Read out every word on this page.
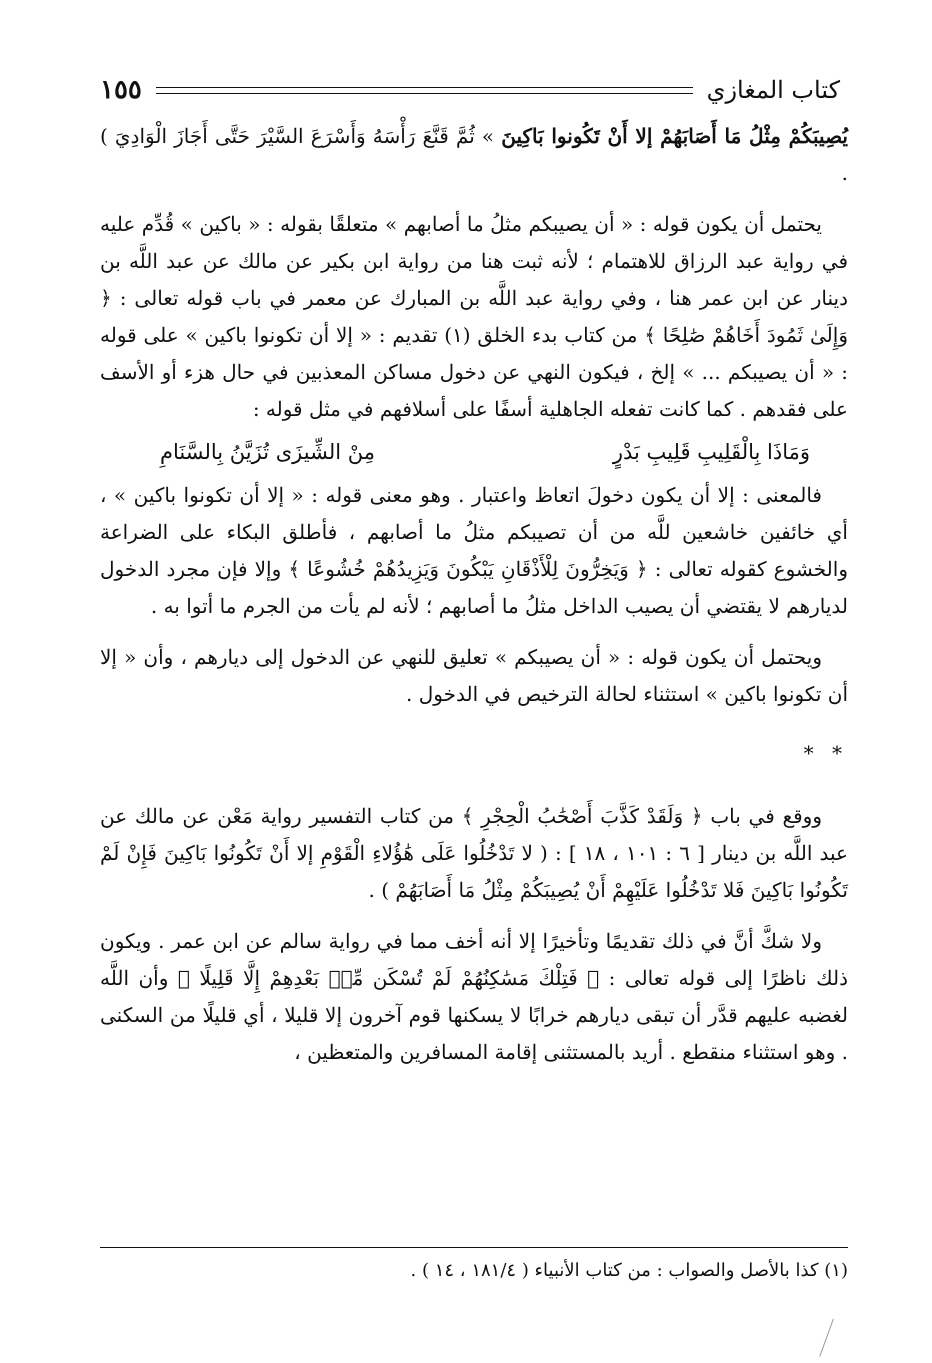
كتاب المغازي
١٥٥

يُصِيبَكُمْ مِثْلُ مَا أَصَابَهُمْ إلا أَنْ تَكُونوا بَاكِينَ » ثُمَّ قَنَّعَ رَأْسَهُ وَأَسْرَعَ السَّيْرَ حَتَّى أَجَازَ الْوَادِيَ ) .

يحتمل أن يكون قوله : « أن يصيبكم مثلُ ما أصابهم » متعلقًا بقوله : « باكين » قُدِّم عليه في رواية عبد الرزاق للاهتمام ؛ لأنه ثبت هنا من رواية ابن بكير عن مالك عن عبد اللَّه بن دينار عن ابن عمر هنا ، وفي رواية عبد اللَّه بن المبارك عن معمر في باب قوله تعالى : ﴿ وَإِلَىٰ ثَمُودَ أَخَاهُمْ صَٰلِحًا ﴾ من كتاب بدء الخلق (١) تقديم : « إلا أن تكونوا باكين » على قوله : « أن يصيبكم ... » إلخ ، فيكون النهي عن دخول مساكن المعذبين في حال هزء أو الأسف على فقدهم . كما كانت تفعله الجاهلية أسفًا على أسلافهم في مثل قوله :

وَمَاذَا بِالْقَلِيبِ قَلِيبِ بَدْرٍ
مِنْ الشِّيزَى تُزَيَّنُ بِالسَّنَامِ

فالمعنى : إلا أن يكون دخولَ اتعاظ واعتبار . وهو معنى قوله : « إلا أن تكونوا باكين » ، أي خائفين خاشعين للَّه من أن تصيبكم مثلُ ما أصابهم ، فأطلق البكاء على الضراعة والخشوع كقوله تعالى : ﴿ وَيَخِرُّونَ لِلْأَذْقَانِ يَبْكُونَ وَيَزِيدُهُمْ خُشُوعًا ﴾ وإلا فإن مجرد الدخول لديارهم لا يقتضي أن يصيب الداخل مثلُ ما أصابهم ؛ لأنه لم يأت من الجرم ما أتوا به .

ويحتمل أن يكون قوله : « أن يصيبكم » تعليق للنهي عن الدخول إلى ديارهم ، وأن « إلا أن تكونوا باكين » استثناء لحالة الترخيص في الدخول .

* *

ووقع في باب ﴿ وَلَقَدْ كَذَّبَ أَصْحَٰبُ الْحِجْرِ ﴾ من كتاب التفسير رواية مَعْن عن مالك عن عبد اللَّه بن دينار [ ٦ : ١٠١ ، ١٨ ] : ( لا تَدْخُلُوا عَلَى هَٰؤُلاءِ الْقَوْمِ إلا أَنْ تَكُونُوا بَاكِينَ فَإِنْ لَمْ تَكُونُوا بَاكِينَ فَلا تَدْخُلُوا عَلَيْهِمْ أَنْ يُصِيبَكُمْ مِثْلُ مَا أَصَابَهُمْ ) .

ولا شكَّ أنَّ في ذلك تقديمًا وتأخيرًا إلا أنه أخف مما في رواية سالم عن ابن عمر . ويكون ذلك ناظرًا إلى قوله تعالى : ﴿ فَتِلْكَ مَسَٰكِنُهُمْ لَمْ تُسْكَن مِّنۢ بَعْدِهِمْ إِلَّا قَلِيلًا ﴾ وأن اللَّه لغضبه عليهم قدَّر أن تبقى ديارهم خرابًا لا يسكنها قوم آخرون إلا قليلا ، أي قليلًا من السكنى . وهو استثناء منقطع . أريد بالمستثنى إقامة المسافرين والمتعظين ،

(١) كذا بالأصل والصواب : من كتاب الأنبياء ( ١٨١/٤ ، ١٤ ) .
